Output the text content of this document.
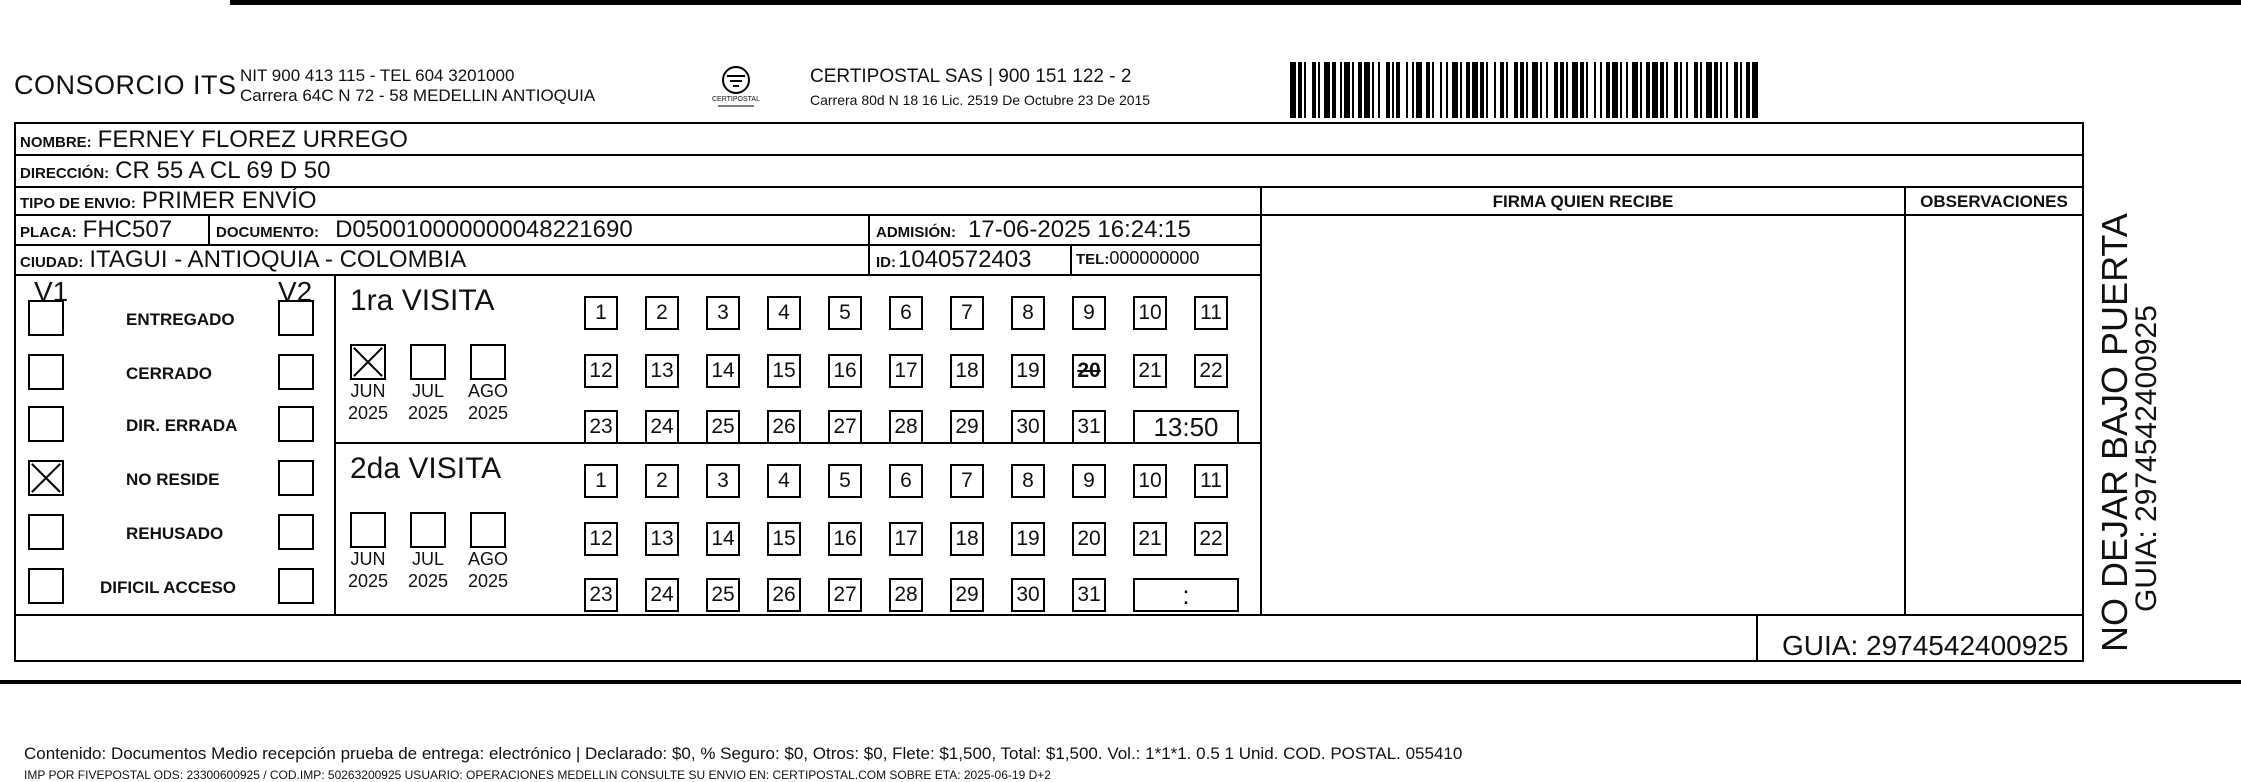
CONSORCIO ITS NIT 900 413 115 - TEL 604 3201000
Carrera 64C N 72 - 58 MEDELLIN ANTIOQUIA	CERTIPOSTAL
CERTIPOSTAL SAS | 900 151 122 - 2
Carrera 80d N 18 16 Lic. 2519 De Octubre 23 De 2015
NOMBRE: FERNEY FLOREZ URREGO
DIRECCIÓN: CR 55 A CL 69 D 50
TIPO DE ENVIO: PRIMER ENVÍO	FIRMA QUIEN RECIBE	OBSERVACIONES
PLACA: FHC507	DOCUMENTO: D050010000000048221690	ADMISIÓN: 17-06-2025 16:24:15
CIUDAD: ITAGUI - ANTIOQUIA - COLOMBIA	ID: 1040572403	TEL: 000000000
V1	V2
ENTREGADO
CERRADO
DIR. ERRADA
NO RESIDE
REHUSADO
DIFICIL ACCESO
1ra VISITA
JUN
2025
JUL
2025
AGO
2025
1	2	3	4	5	6	7	8	9	10 11
12 13 14 15 16 17 18 19 20 21 22
23 24 25 26 27 28 29 30 31	13:50
2da VISITA
JUN
2025
JUL
2025
AGO
2025
1	2	3	4	5	6	7	8	9	10 11
12 13 14 15 16 17 18 19 20 21 22
23 24 25 26 27 28 29 30 31	:
Contenido: Documentos Medio recepción prueba de entrega: electrónico | Declarado: $0, % Seguro: $0, Otros: $0, Flete: $1,500, Total: $1,500. Vol.: 1*1*1. 0.5 1 Unid. COD. POSTAL. 055410
IMP POR FIVEPOSTAL ODS: 23300600925 / COD.IMP: 50263200925 USUARIO: OPERACIONES MEDELLIN CONSULTE SU ENVIO EN: CERTIPOSTAL.COM SOBRE ETA: 2025-06-19 D+2
GUIA: 2974542400925 NO DEJAR BAJO PUERTA
GUIA: 2974542400925
